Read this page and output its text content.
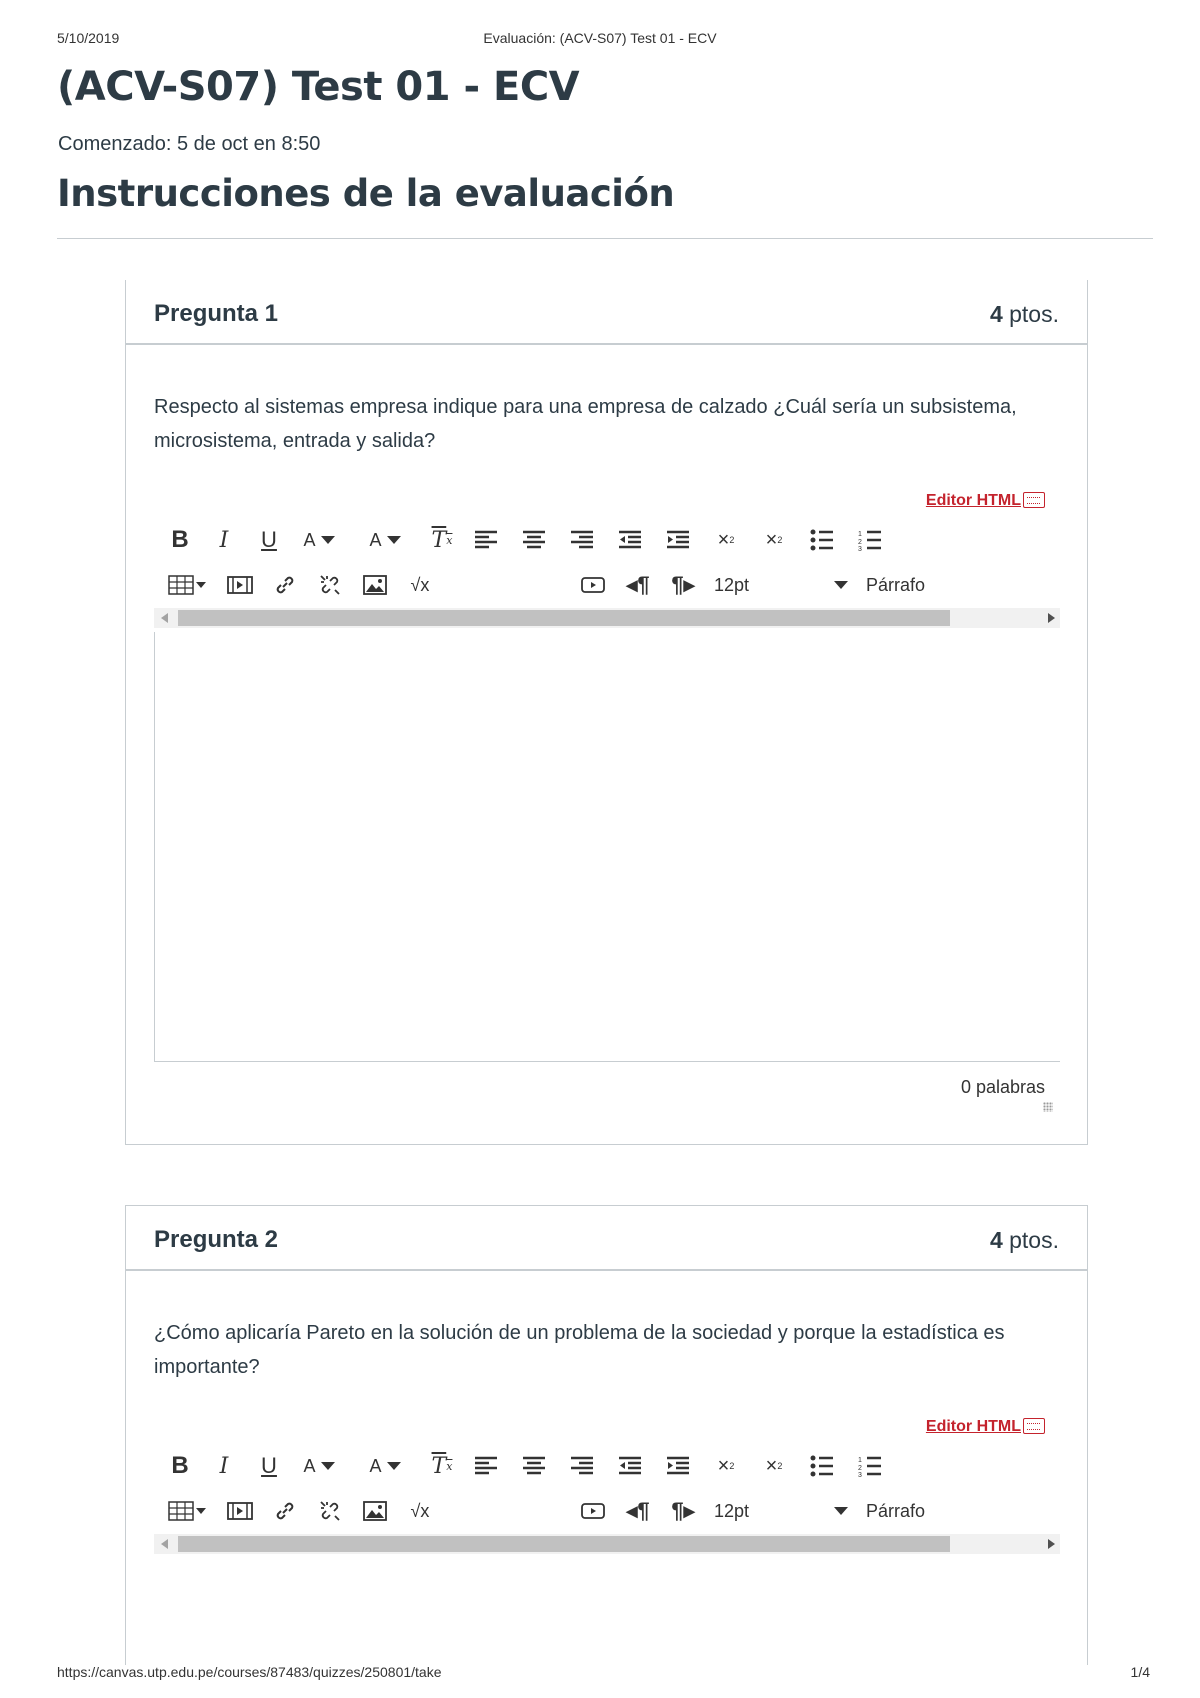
5/10/2019	Evaluación: (ACV-S07) Test 01 - ECV
(ACV-S07) Test 01 - ECV
Comenzado: 5 de oct en 8:50
Instrucciones de la evaluación
Pregunta 1	4 ptos.
Respecto al sistemas empresa indique para una empresa de calzado ¿Cuál sería un subsistema, microsistema, entrada y salida?
Editor HTML
B	I	U	A	A	T x	× 2 × 2
1
2
3
√x	◂¶ ¶▸ 12pt	Párrafo
0 palabras
Pregunta 2	4 ptos.
¿Cómo aplicaría Pareto en la solución de un problema de la sociedad y porque la estadística es importante?
Editor HTML
B	I	U	A	A	T x	× 2 × 2
1
2
3
√x	◂¶ ¶▸ 12pt	Párrafo
https://canvas.utp.edu.pe/courses/87483/quizzes/250801/take	1/4
